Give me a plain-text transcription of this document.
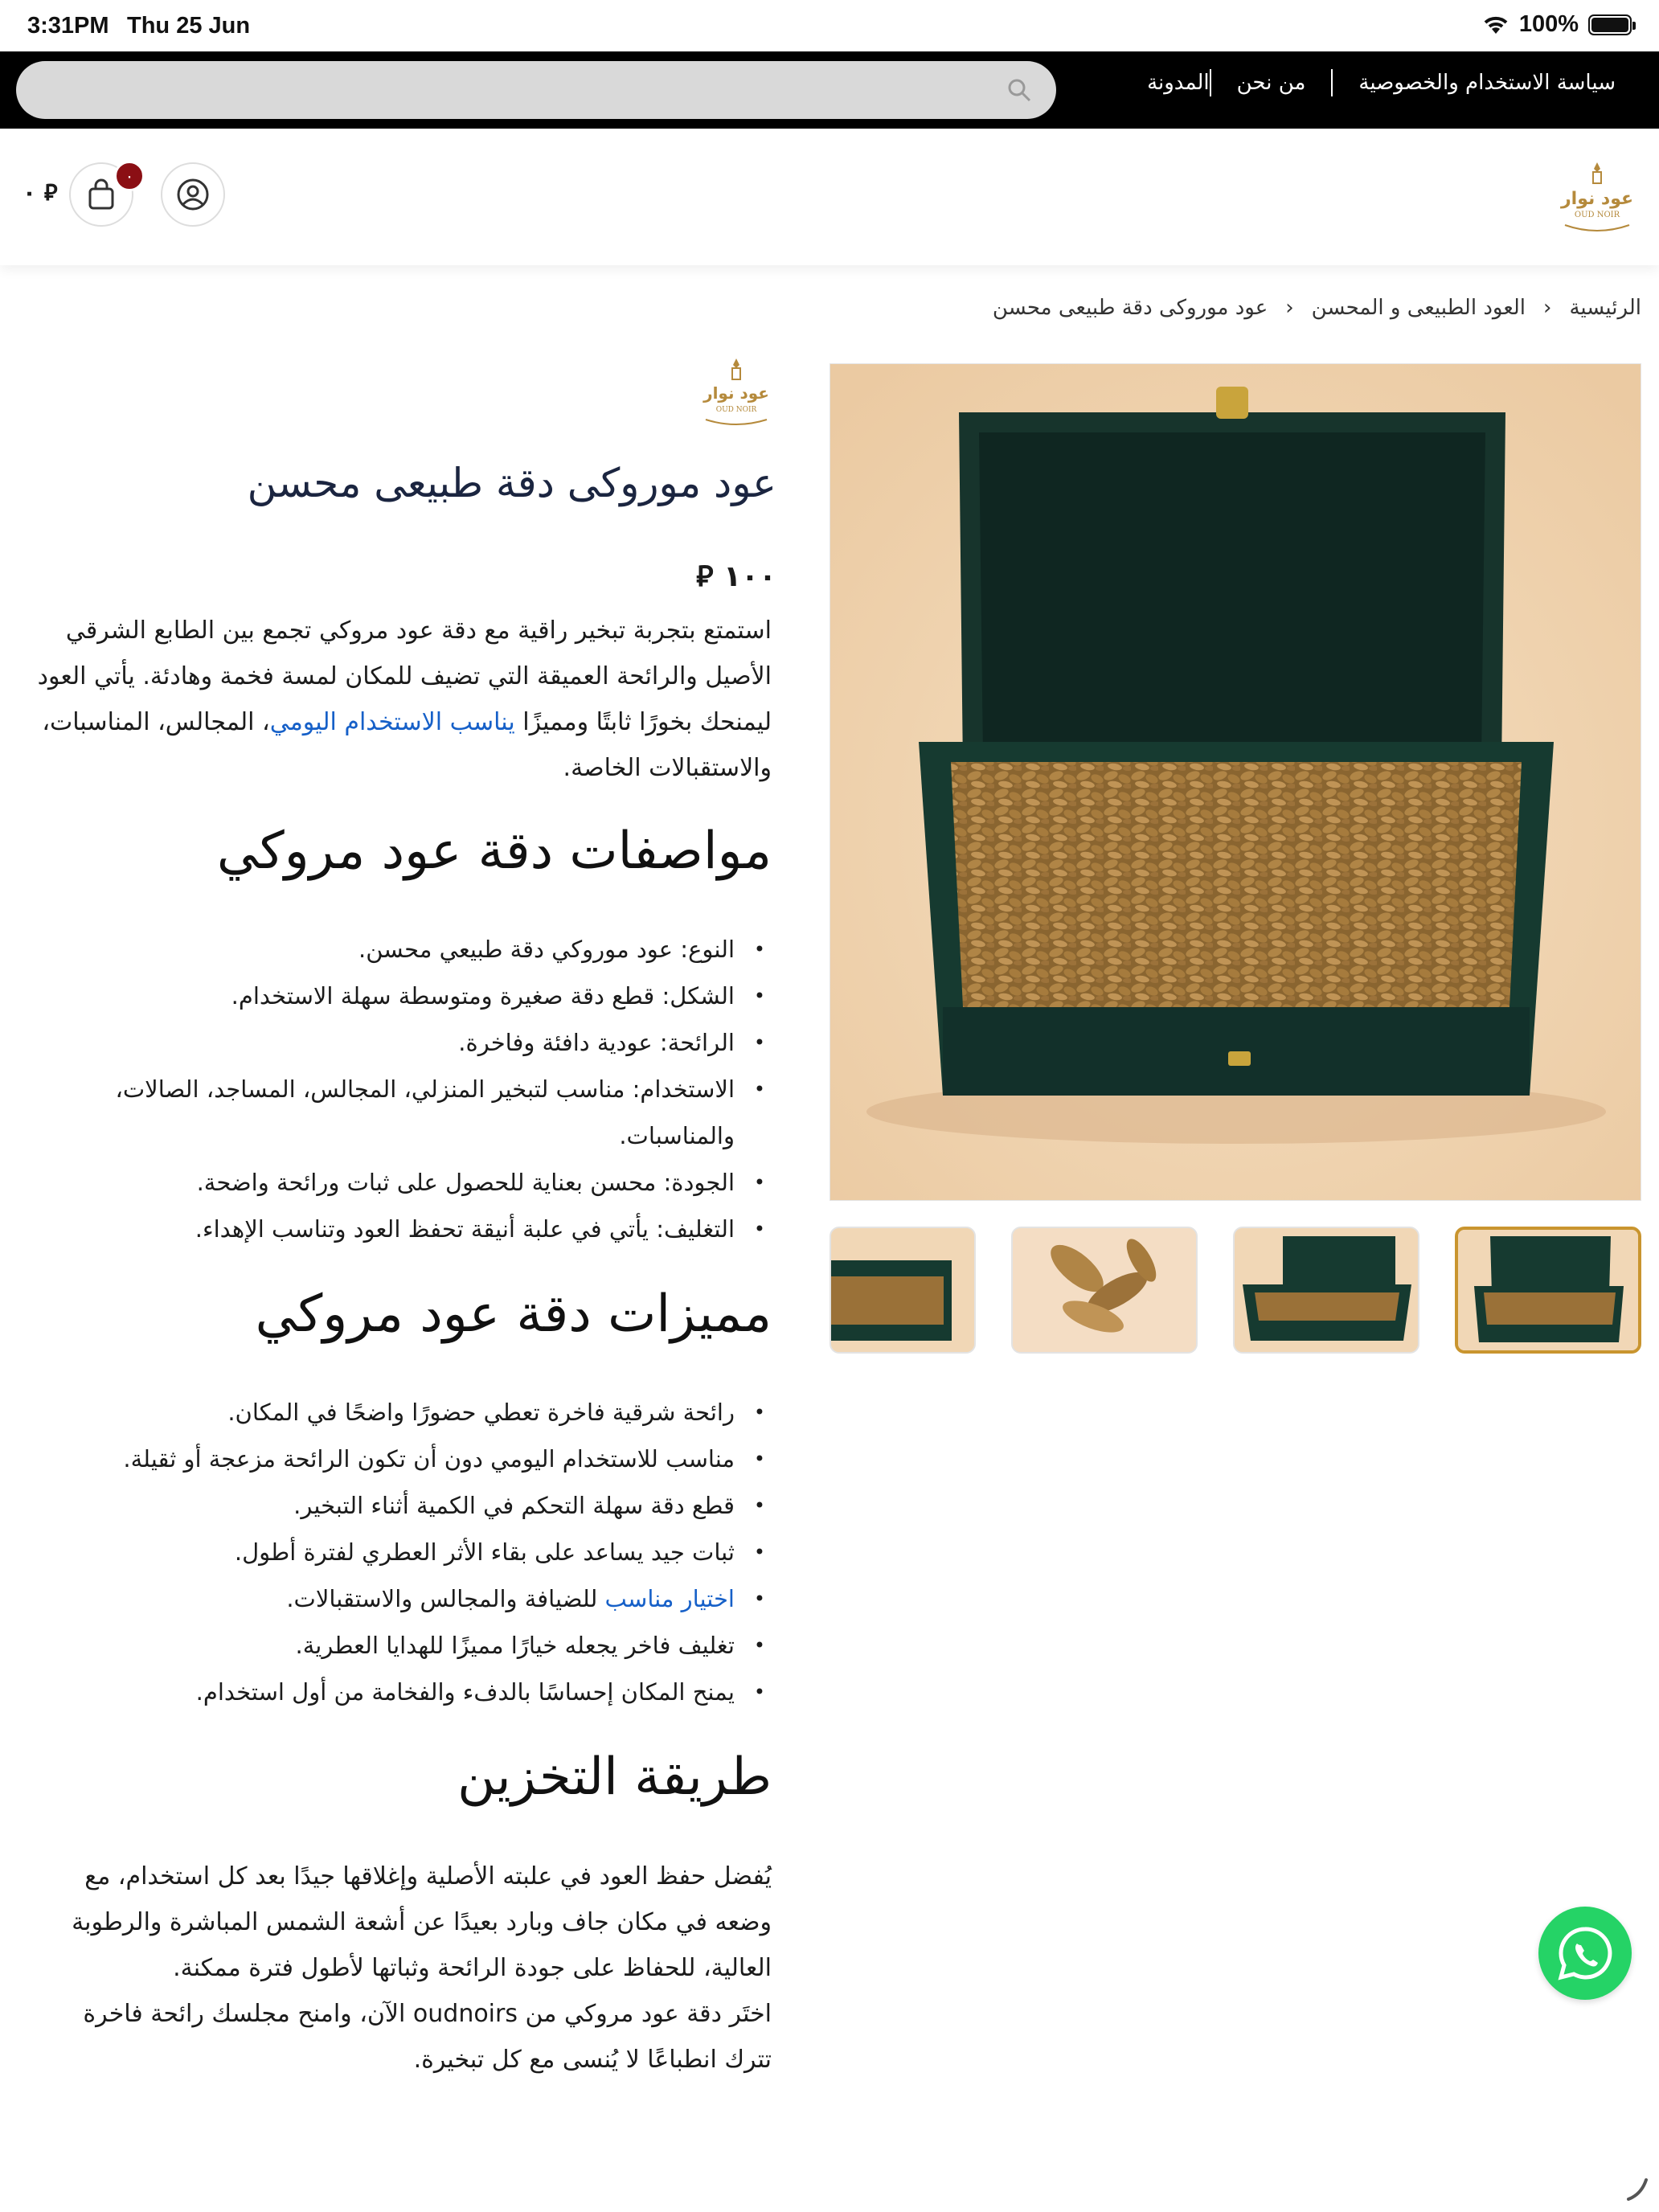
3:31PM Thu 25 Jun	100%
المدونة	من نحن	سياسة الاستخدام والخصوصية
عود نوار
OUD NOIR
٠
٠ ⃁
الرئيسية
‹
العود الطبيعى و المحسن
‹
عود موروكى دقة طبيعى محسن
عود نوار
OUD NOIR
عود موروكى دقة طبيعى محسن
١٠٠ ⃁

استمتع بتجربة تبخير راقية مع دقة عود مروكي تجمع بين الطابع الشرقي الأصيل والرائحة العميقة التي تضيف للمكان لمسة فخمة وهادئة. يأتي العود ليمنحك بخورًا ثابتًا ومميزًا يناسب الاستخدام اليومي، المجالس، المناسبات، والاستقبالات الخاصة.

مواصفات دقة عود مروكي
• النوع: عود موروكي دقة طبيعي محسن.
• الشكل: قطع دقة صغيرة ومتوسطة سهلة الاستخدام.
• الرائحة: عودية دافئة وفاخرة.
• الاستخدام: مناسب لتبخير المنزلي، المجالس، المساجد، الصالات، والمناسبات.
• الجودة: محسن بعناية للحصول على ثبات ورائحة واضحة.
• التغليف: يأتي في علبة أنيقة تحفظ العود وتناسب الإهداء.
مميزات دقة عود مروكي
• رائحة شرقية فاخرة تعطي حضورًا واضحًا في المكان.
• مناسب للاستخدام اليومي دون أن تكون الرائحة مزعجة أو ثقيلة.
• قطع دقة سهلة التحكم في الكمية أثناء التبخير.
• ثبات جيد يساعد على بقاء الأثر العطري لفترة أطول.
• اختيار مناسب للضيافة والمجالس والاستقبالات.
• تغليف فاخر يجعله خيارًا مميزًا للهدايا العطرية.
• يمنح المكان إحساسًا بالدفء والفخامة من أول استخدام.
طريقة التخزين

يُفضل حفظ العود في علبته الأصلية وإغلاقها جيدًا بعد كل استخدام، مع وضعه في مكان جاف وبارد بعيدًا عن أشعة الشمس المباشرة والرطوبة العالية، للحفاظ على جودة الرائحة وثباتها لأطول فترة ممكنة.

اختَر دقة عود مروكي من oudnoirs الآن، وامنح مجلسك رائحة فاخرة تترك انطباعًا لا يُنسى مع كل تبخيرة.
